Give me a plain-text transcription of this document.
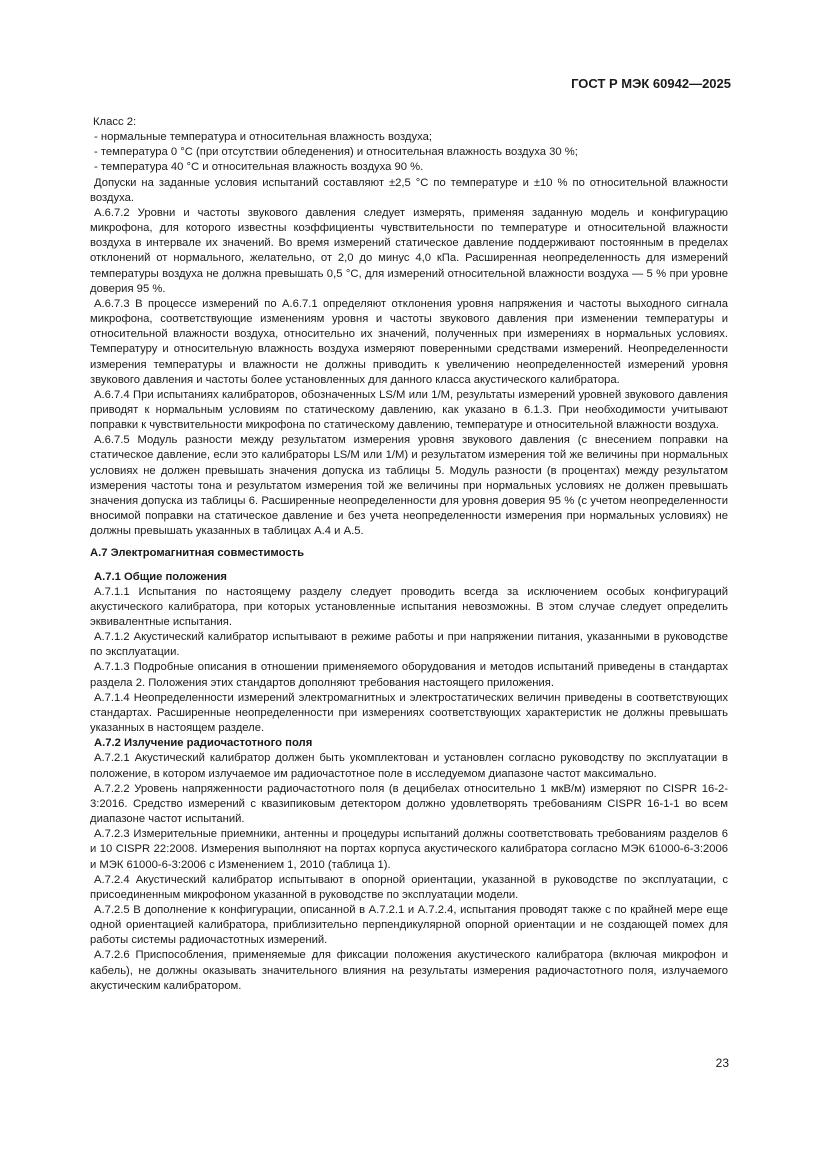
ГОСТ Р МЭК 60942—2025

Класс 2:

- нормальные температура и относительная влажность воздуха;

- температура 0 °C (при отсутствии обледенения) и относительная влажность воздуха 30 %;

- температура 40 °C и относительная влажность воздуха 90 %.

Допуски на заданные условия испытаний составляют ±2,5 °C по температуре и ±10 % по относительной влажности воздуха.

А.6.7.2 Уровни и частоты звукового давления следует измерять, применяя заданную модель и конфигурацию микрофона, для которого известны коэффициенты чувствительности по температуре и относительной влажности воздуха в интервале их значений. Во время измерений статическое давление поддерживают постоянным в пределах отклонений от нормального, желательно, от 2,0 до минус 4,0 кПа. Расширенная неопределенность для измерений температуры воздуха не должна превышать 0,5 °C, для измерений относительной влажности воздуха — 5 % при уровне доверия 95 %.

А.6.7.3 В процессе измерений по А.6.7.1 определяют отклонения уровня напряжения и частоты выходного сигнала микрофона, соответствующие изменениям уровня и частоты звукового давления при изменении температуры и относительной влажности воздуха, относительно их значений, полученных при измерениях в нормальных условиях. Температуру и относительную влажность воздуха измеряют поверенными средствами измерений. Неопределенности измерения температуры и влажности не должны приводить к увеличению неопределенностей измерений уровня звукового давления и частоты более установленных для данного класса акустического калибратора.

А.6.7.4 При испытаниях калибраторов, обозначенных LS/M или 1/M, результаты измерений уровней звукового давления приводят к нормальным условиям по статическому давлению, как указано в 6.1.3. При необходимости учитывают поправки к чувствительности микрофона по статическому давлению, температуре и относительной влажности воздуха.

А.6.7.5 Модуль разности между результатом измерения уровня звукового давления (с внесением поправки на статическое давление, если это калибраторы LS/M или 1/M) и результатом измерения той же величины при нормальных условиях не должен превышать значения допуска из таблицы 5. Модуль разности (в процентах) между результатом измерения частоты тона и результатом измерения той же величины при нормальных условиях не должен превышать значения допуска из таблицы 6. Расширенные неопределенности для уровня доверия 95 % (с учетом неопределенности вносимой поправки на статическое давление и без учета неопределенности измерения при нормальных условиях) не должны превышать указанных в таблицах А.4 и А.5.

А.7 Электромагнитная совместимость

А.7.1 Общие положения

А.7.1.1 Испытания по настоящему разделу следует проводить всегда за исключением особых конфигураций акустического калибратора, при которых установленные испытания невозможны. В этом случае следует определить эквивалентные испытания.

А.7.1.2 Акустический калибратор испытывают в режиме работы и при напряжении питания, указанными в руководстве по эксплуатации.

А.7.1.3 Подробные описания в отношении применяемого оборудования и методов испытаний приведены в стандартах раздела 2. Положения этих стандартов дополняют требования настоящего приложения.

А.7.1.4 Неопределенности измерений электромагнитных и электростатических величин приведены в соответствующих стандартах. Расширенные неопределенности при измерениях соответствующих характеристик не должны превышать указанных в настоящем разделе.

А.7.2 Излучение радиочастотного поля

А.7.2.1 Акустический калибратор должен быть укомплектован и установлен согласно руководству по эксплуатации в положение, в котором излучаемое им радиочастотное поле в исследуемом диапазоне частот максимально.

А.7.2.2 Уровень напряженности радиочастотного поля (в децибелах относительно 1 мкВ/м) измеряют по CISPR 16-2-3:2016. Средство измерений с квазипиковым детектором должно удовлетворять требованиям CISPR 16-1-1 во всем диапазоне частот испытаний.

А.7.2.3 Измерительные приемники, антенны и процедуры испытаний должны соответствовать требованиям разделов 6 и 10 CISPR 22:2008. Измерения выполняют на портах корпуса акустического калибратора согласно МЭК 61000-6-3:2006 и МЭК 61000-6-3:2006 с Изменением 1, 2010 (таблица 1).

А.7.2.4 Акустический калибратор испытывают в опорной ориентации, указанной в руководстве по эксплуатации, с присоединенным микрофоном указанной в руководстве по эксплуатации модели.

А.7.2.5 В дополнение к конфигурации, описанной в А.7.2.1 и А.7.2.4, испытания проводят также с по крайней мере еще одной ориентацией калибратора, приблизительно перпендикулярной опорной ориентации и не создающей помех для работы системы радиочастотных измерений.

А.7.2.6 Приспособления, применяемые для фиксации положения акустического калибратора (включая микрофон и кабель), не должны оказывать значительного влияния на результаты измерения радиочастотного поля, излучаемого акустическим калибратором.

23
